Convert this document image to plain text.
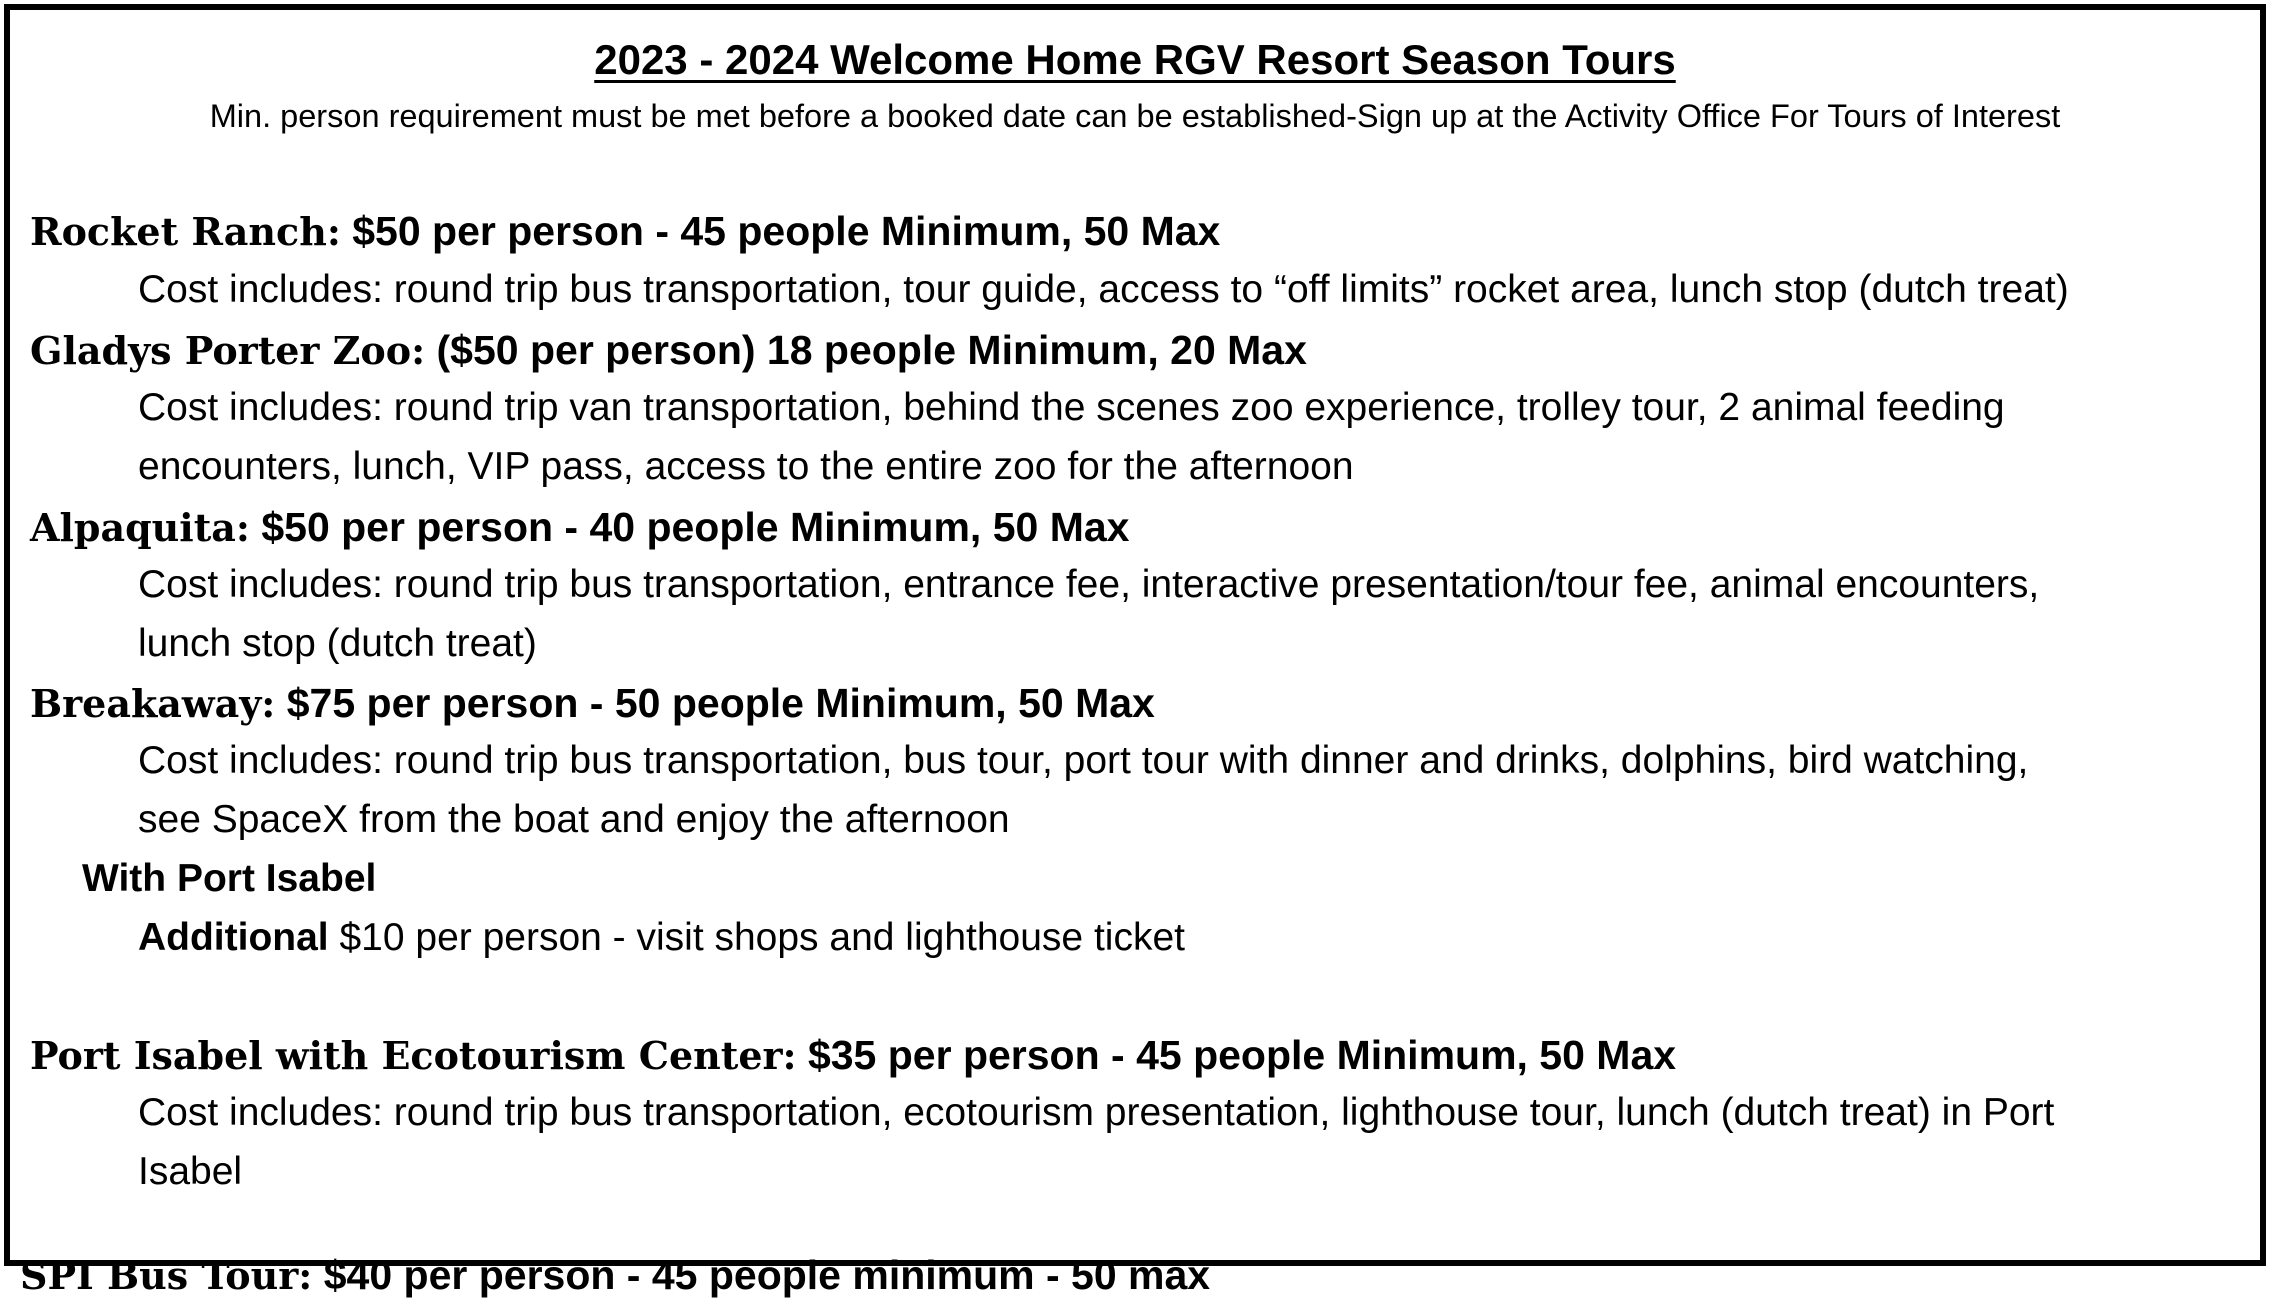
2023 - 2024 Welcome Home RGV Resort Season Tours
Min. person requirement must be met before a booked date can be established-Sign up at the Activity Office For Tours of Interest
Rocket Ranch: $50 per person - 45 people Minimum, 50 Max
Cost includes: round trip bus transportation, tour guide, access to “off limits” rocket area, lunch stop (dutch treat)
Gladys Porter Zoo: ($50 per person) 18 people Minimum, 20 Max
Cost includes: round trip van transportation, behind the scenes zoo experience, trolley tour, 2 animal feeding
encounters, lunch, VIP pass, access to the entire zoo for the afternoon
Alpaquita: $50 per person - 40 people Minimum, 50 Max
Cost includes: round trip bus transportation, entrance fee, interactive presentation/tour fee, animal encounters,
lunch stop (dutch treat)
Breakaway: $75 per person - 50 people Minimum, 50 Max
Cost includes: round trip bus transportation, bus tour, port tour with dinner and drinks, dolphins, bird watching,
see SpaceX from the boat and enjoy the afternoon
With Port Isabel
Additional $10 per person - visit shops and lighthouse ticket
Port Isabel with Ecotourism Center: $35 per person - 45 people Minimum, 50 Max
Cost includes: round trip bus transportation, ecotourism presentation, lighthouse tour, lunch (dutch treat) in Port
Isabel
SPI Bus Tour: $40 per person - 45 people minimum - 50 max
